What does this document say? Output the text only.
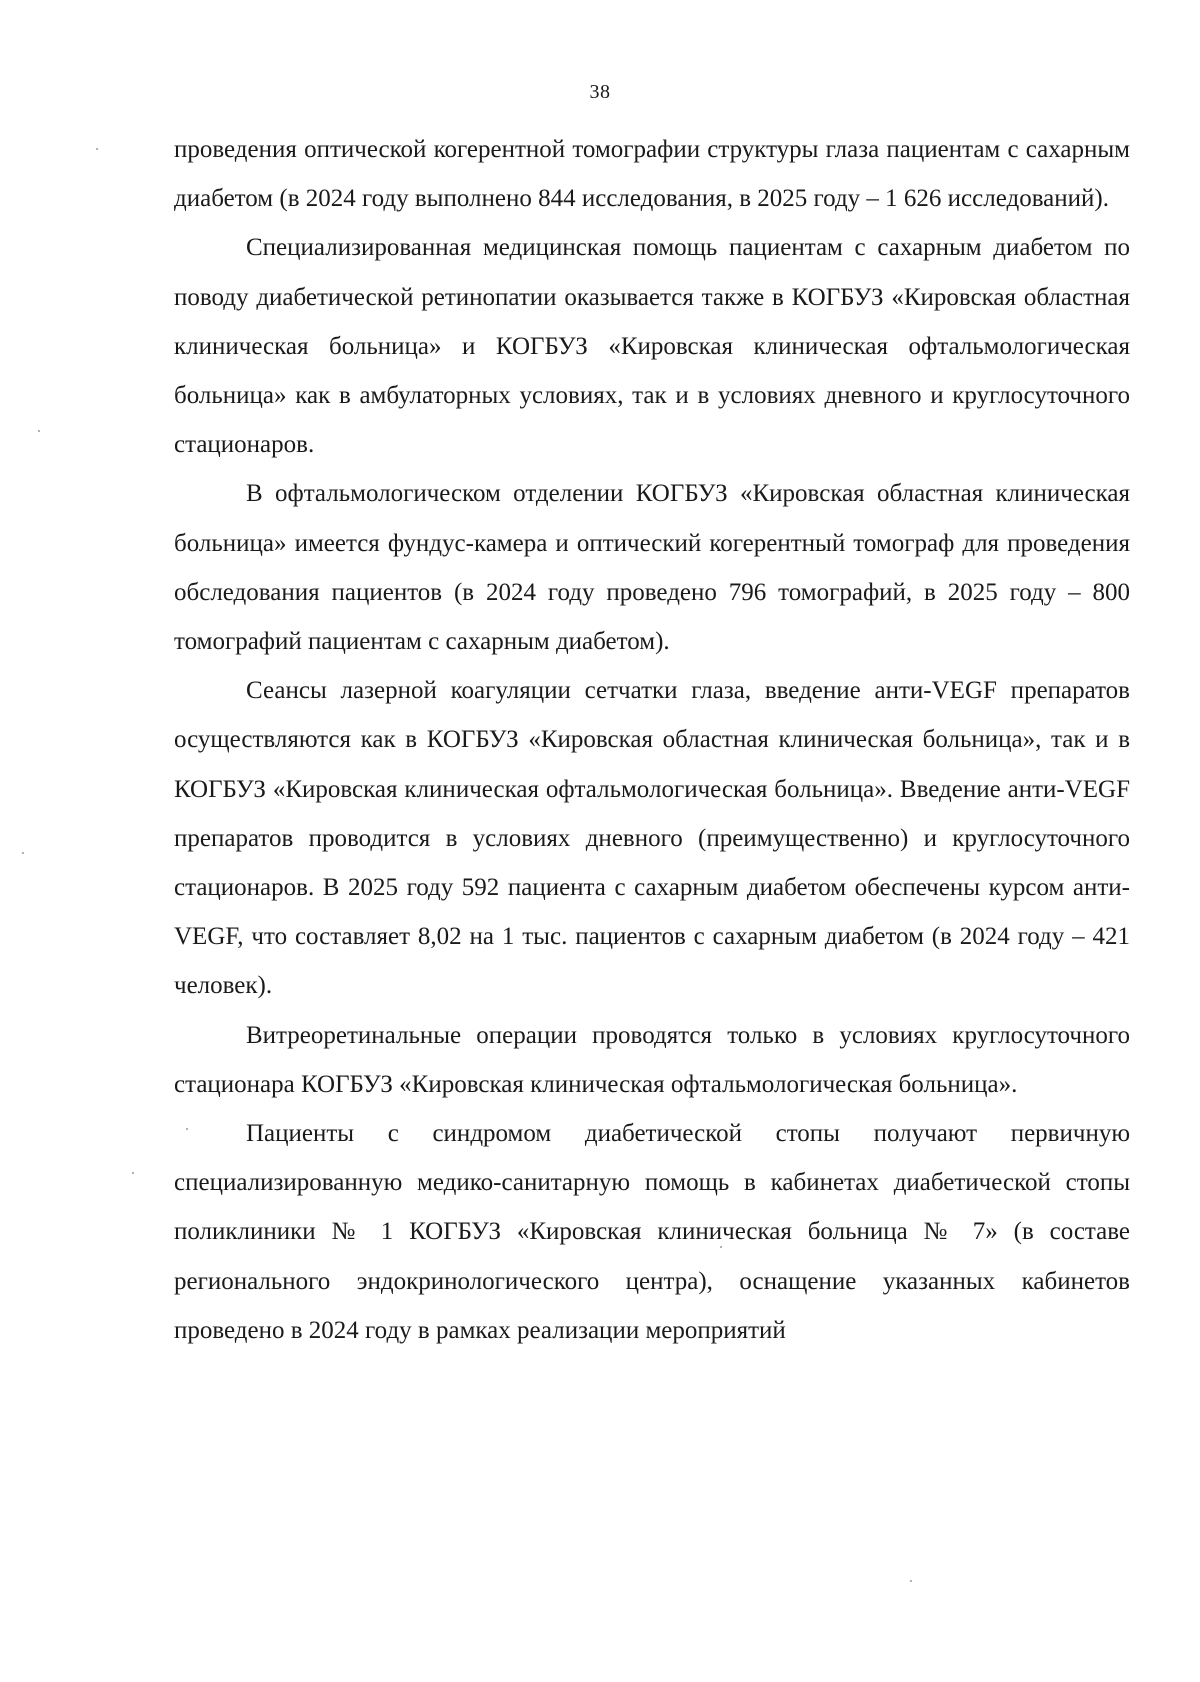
38

проведения оптической когерентной томографии структуры глаза пациентам с сахарным диабетом (в 2024 году выполнено 844 исследования, в 2025 году – 1 626 исследований).

Специализированная медицинская помощь пациентам с сахарным диабетом по поводу диабетической ретинопатии оказывается также в КОГБУЗ «Кировская областная клиническая больница» и КОГБУЗ «Кировская клиническая офтальмологическая больница» как в амбулаторных условиях, так и в условиях дневного и круглосуточного стационаров.

В офтальмологическом отделении КОГБУЗ «Кировская областная клиническая больница» имеется фундус-камера и оптический когерентный томограф для проведения обследования пациентов (в 2024 году проведено 796 томографий, в 2025 году – 800 томографий пациентам с сахарным диабетом).

Сеансы лазерной коагуляции сетчатки глаза, введение анти-VEGF препаратов осуществляются как в КОГБУЗ «Кировская областная клиническая больница», так и в КОГБУЗ «Кировская клиническая офтальмологическая больница». Введение анти-VEGF препаратов проводится в условиях дневного (преимущественно) и круглосуточного стационаров. В 2025 году 592 пациента с сахарным диабетом обеспечены курсом анти-VEGF, что составляет 8,02 на 1 тыс. пациентов с сахарным диабетом (в 2024 году – 421 человек).

Витреоретинальные операции проводятся только в условиях круглосуточного стационара КОГБУЗ «Кировская клиническая офтальмологическая больница».

Пациенты с синдромом диабетической стопы получают первичную специализированную медико-санитарную помощь в кабинетах диабетической стопы поликлиники № 1 КОГБУЗ «Кировская клиническая больница № 7» (в составе регионального эндокринологического центра), оснащение указанных кабинетов проведено в 2024 году в рамках реализации мероприятий
